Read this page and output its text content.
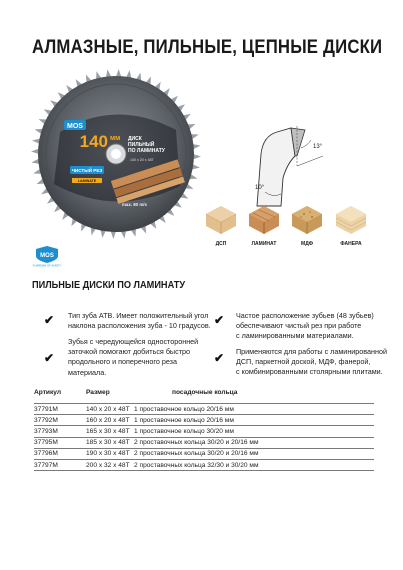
АЛМАЗНЫЕ, ПИЛЬНЫЕ, ЦЕПНЫЕ ДИСКИ
MOS
140 мм ДИСК
ПИЛЬНЫЙ
ПО ЛАМИНАТУ
140 x 20 x 48T
ЧИСТЫЙ РЕЗ
LAMINATE
max. 80 m/s
13°
10°
ДСП	ЛАМИНАТ	МДФ	ФАНЕРА
MOS
GUARDIAN OF SAFETY
ПИЛЬНЫЕ ДИСКИ ПО ЛАМИНАТУ
✔ Тип зуба ATB. Имеет положительный угол
наклона расположения зуба - 10 градусов.
✔
Зубья с чередующейся односторонней
заточкой помогают добиться быстро
продольного и поперечного реза
материала.
✔ Частое расположение зубьев (48 зубьев)
обеспечивают чистый рез при работе
с ламинированными материалами.
✔ Применяются для работы с ламинированной
ДСП, паркетной доской, МДФ, фанерой,
с комбинированными столярными плитами.
Артикул	Размер	посадочные кольца
37791M	140 x 20 x 48T	1 проставочное кольцо 20/16 мм
37792M	160 x 20 x 48T	1 проставочное кольцо 20/16 мм
37793M	165 x 30 x 48T	1 проставочное кольцо 30/20 мм
37795M	185 x 30 x 48T	2 проставочных кольца 30/20 и 20/16 мм
37796M	190 x 30 x 48T	2 проставочных кольца 30/20 и 20/16 мм
37797M	200 x 32 x 48T	2 проставочных кольца 32/30 и 30/20 мм
